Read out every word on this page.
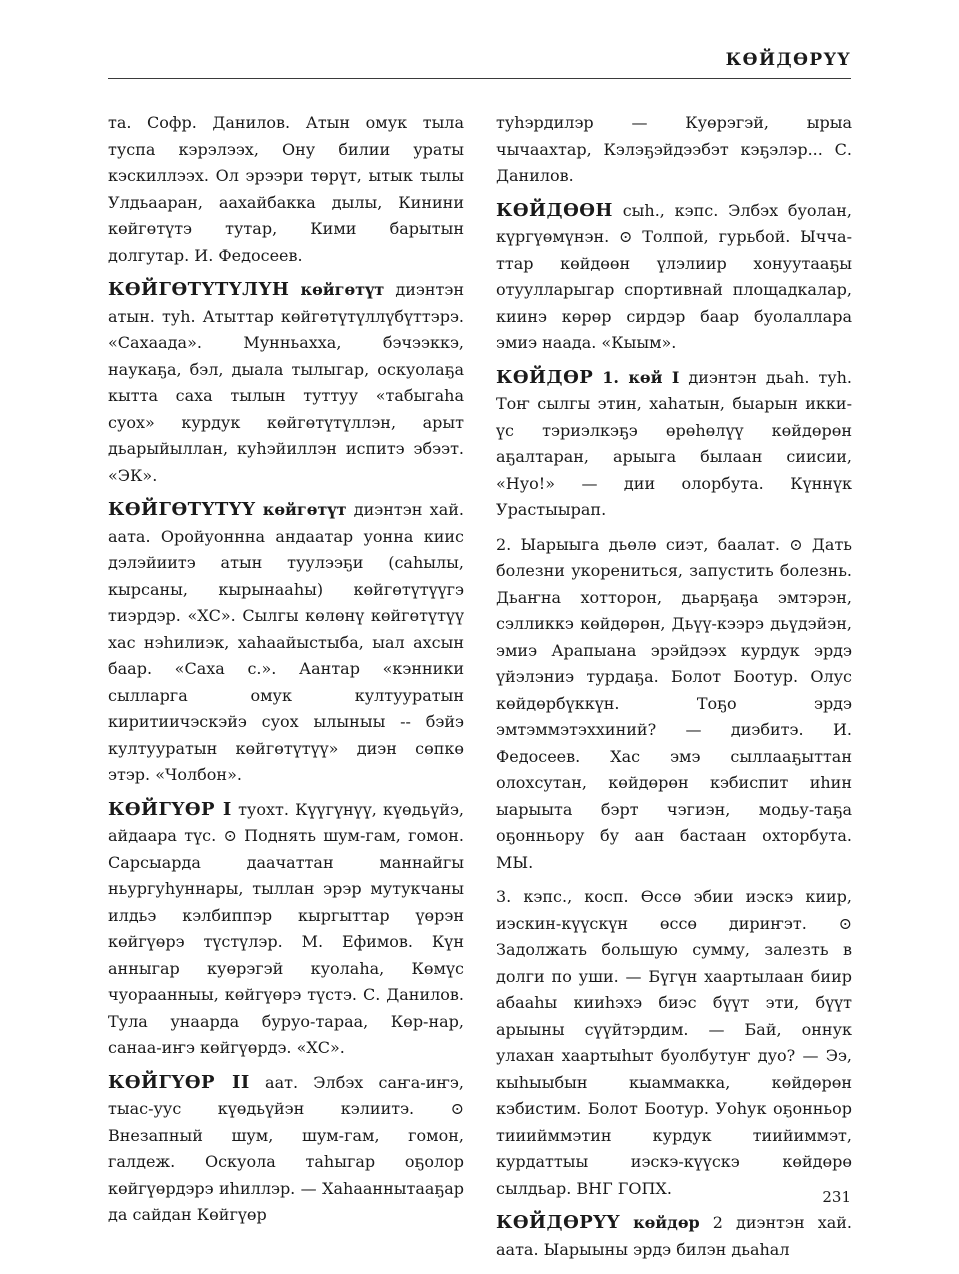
КӨЙДӨРҮҮ

та. Софр. Данилов. Атын омук тыла туспа кэрэлээх, Ону билии ураты кэскиллээх. Ол эрээри төрүт, ытык тылы Улдьааран, аахайбакка дылы, Кинини көйгөтүтэ тутар, Кими барытын долгутар. И. Федосеев.

КӨЙГӨТҮТҮЛҮН көйгөтүт диэнтэн атын. туһ. Атыттар көйгөтүтүллүбүттэрэ. «Сахаада». Мунньахха, бэчээккэ, наукаҕа, бэл, дыала тылыгар, оскуолаҕа кытта саха тылын туттуу «табыгаһа суох» курдук көйгөтүтүллэн, арыт дьарыйыллан, куһэйиллэн испитэ эбээт. «ЭК».

КӨЙГӨТҮТҮҮ көйгөтүт диэнтэн хай. аата. Оройуоннна андаатар уонна киис дэлэйиитэ атын туулээҕи (саһылы, кырсаны, кырынааһы) көйгөтүтүүгэ тиэрдэр. «ХС». Сылгы көлөнү көйгөтүтүү хас нэһилиэк, хаһаайыстыба, ыал ахсын баар. «Саха с.». Аантар «кэнники сылларга омук култууратын киритиичэскэйэ суох ылыныы -- бэйэ култууратын көйгөтүтүү» диэн сөпкө этэр. «Чолбон».

КӨЙГҮӨР I туохт. Күүгүнүү, күөдьүйэ, айдаара түс. ⊙ Поднять шум-гам, гомон. Сарсыарда даачаттан маннайгы ньургуһуннары, тыллан эрэр мутукчаны илдьэ кэлбиппэр кыргыттар үөрэн көйгүөрэ түстүлэр. М. Ефимов. Күн анныгар куөрэгэй куолаһа, Көмүс чуораанныы, көйгүөрэ түстэ. С. Данилов. Тула унаарда буруо-тараа, Көр-нар, санаа-иҥэ көйгүөрдэ. «ХС».

КӨЙГҮӨР II аат. Элбэх саҥа-иҥэ, тыас-уус күөдьүйэн кэлиитэ. ⊙ Внезапный шум, шум-гам, гомон, галдеж. Оскуола таһыгар оҕолор көйгүөрдэрэ иһиллэр. — Хаһааннытааҕар да сайдан Көйгүөр

туһэрдилэр — Куөрэгэй, ырыа чычаахтар, Кэлэҕэйдээбэт кэҕэлэр... С. Данилов.

КӨЙДӨӨН сыһ., кэпс. Элбэх буолан, күргүөмүнэн. ⊙ Толпой, гурьбой. Ыччаттар көйдөөн үлэлиир хонуутааҕы отуулларыгар спортивнай площадкалар, киинэ көрөр сирдэр баар буолаллара эмиэ наада. «Кыым».

КӨЙДӨР 1. көй I диэнтэн дьаһ. туһ. Тоҥ сылгы этин, хаһатын, быарын икки-үс тэриэлкэҕэ өрөһөлүү көйдөрөн аҕалтаран, арыыга былаан сиисии, «Нуо!» — дии олорбута. Күннүк Урастыырап.

2. Ыарыыга дьөлө сиэт, баалат. ⊙ Дать болезни укорениться, запустить болезнь. Дьаҥна хотторон, дьарҕаҕа эмтэрэн, сэлликкэ көйдөрөн, Дьүү-кээрэ дьүдэйэн, эмиэ Арапыана эрэйдээх курдук эрдэ үйэлэниэ турдаҕа. Болот Боотур. Олус көйдөрбүккүн. Тоҕо эрдэ эмтэммэтэххиний? — диэбитэ. И. Федосеев. Хас эмэ сыллааҕыттан олохсутан, көйдөрөн кэбиспит иһин ыарыыта бэрт чэгиэн, модьу-таҕа оҕонньору бу аан бастаан охторбута. МЫ.

3. кэпс., косп. Өссө эбии иэскэ киир, иэскин-күүскүн өссө дириҥэт. ⊙ Задолжать большую сумму, залезть в долги по уши. — Бүгүн хаартылаан биир абааһы кииһэхэ биэс бүүт эти, бүүт арыыны сүүйтэрдим. — Бай, оннук улахан хаартыһыт буолбутуҥ дуо? — Ээ, кыһыыбын кыаммакка, көйдөрөн кэбистим. Болот Боотур. Уоһук оҕонньор тииийммэтин курдук тиийиммэт, курдаттыы иэскэ-күүскэ көйдөрө сылдьар. ВНГ ГОПХ.

КӨЙДӨРҮҮ көйдөр 2 диэнтэн хай. аата. Ыарыыны эрдэ билэн дьаһал

231
